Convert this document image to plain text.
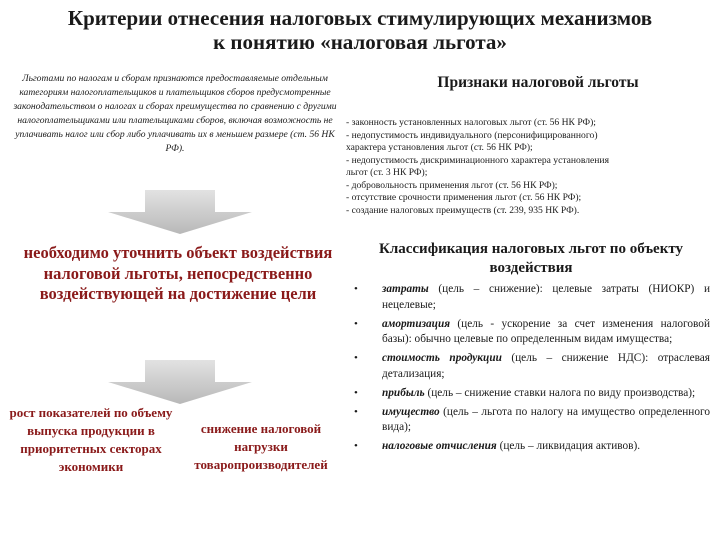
Критерии отнесения налоговых стимулирующих механизмов
к понятию «налоговая льгота»
Льготами по налогам и сборам признаются предоставляемые отдельным категориям налогоплательщиков и плательщиков сборов предусмотренные законодательством о налогах и сборах преимущества по сравнению с другими налогоплательщиками или плательщиками сборов, включая возможность не уплачивать налог или сбор либо уплачивать их в меньшем размере (ст. 56 НК РФ).
Признаки налоговой льготы
- законность установленных налоговых льгот (ст. 56 НК РФ);
- недопустимость индивидуального (персонифицированного)
характера установления льгот (ст. 56 НК РФ);
- недопустимость дискриминационного характера установления
льгот (ст. 3 НК РФ);
- добровольность применения льгот (ст. 56 НК РФ);
- отсутствие срочности применения льгот (ст. 56 НК РФ);
- создание налоговых преимуществ (ст. 239, 935 НК РФ).
необходимо уточнить объект воздействия налоговой льготы, непосредственно воздействующей на достижение цели
рост показателей по объему выпуска продукции в приоритетных секторах экономики
снижение налоговой нагрузки товаропроизводителей
Классификация налоговых льгот по объекту воздействия
• затраты (цель – снижение): целевые затраты (НИОКР) и нецелевые;
• амортизация (цель - ускорение за счет изменения налоговой базы): обычно целевые по определенным видам имущества;
• стоимость продукции (цель – снижение НДС): отраслевая детализация;
• прибыль (цель – снижение ставки налога по виду производства);
• имущество (цель – льгота по налогу на имущество определенного вида);
• налоговые отчисления (цель – ликвидация активов).
